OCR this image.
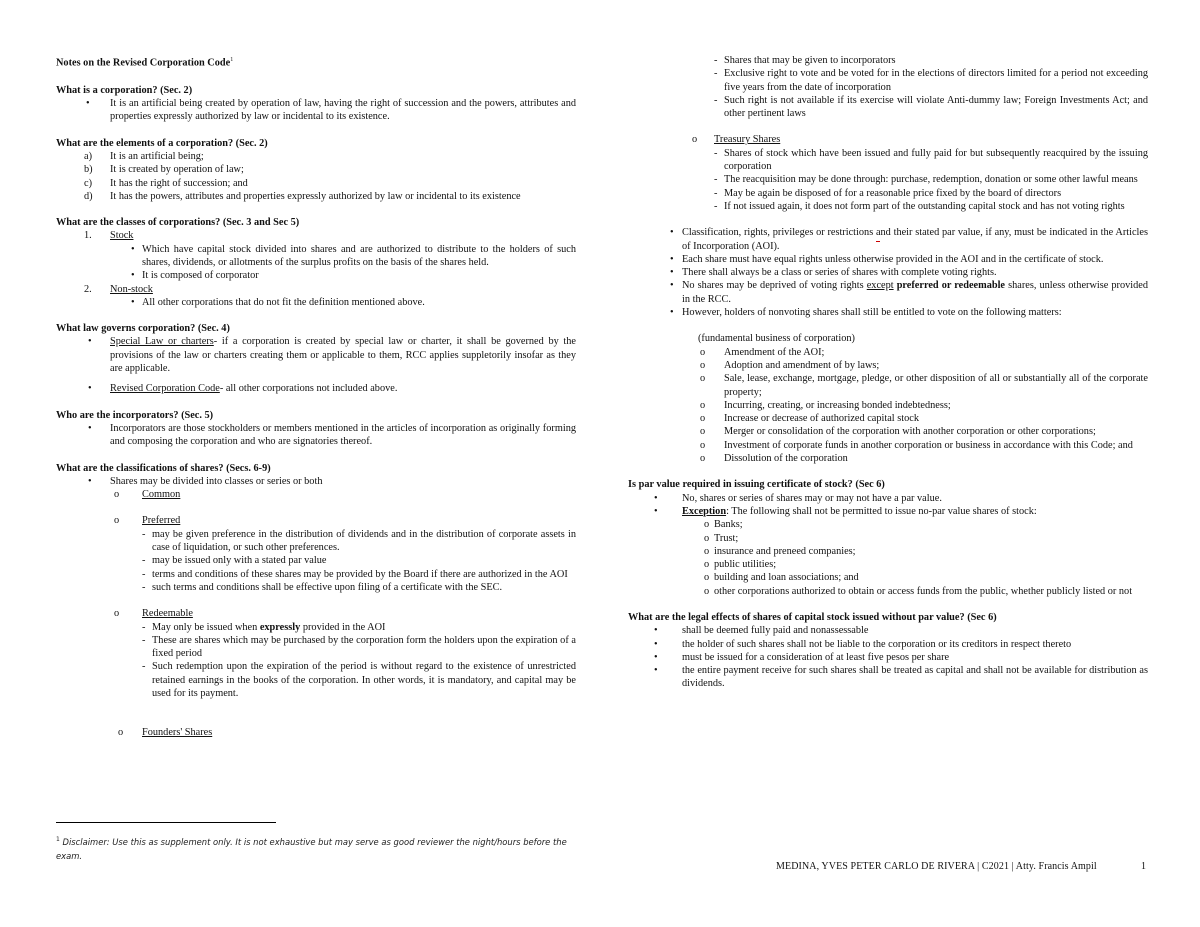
Notes on the Revised Corporation Code$^1$

What is a corporation? (Sec. 2)

• It is an artificial being created by operation of law, having the right of succession and the powers, attributes and properties expressly authorized by law or incidental to its existence.

What are the elements of a corporation? (Sec. 2)

a) It is an artificial being;
b) It is created by operation of law;
c) It has the right of succession; and
d) It has the powers, attributes and properties expressly authorized by law or incidental to its existence

What are the classes of corporations? (Sec. 3 and Sec 5)

1. Stock
• Which have capital stock divided into shares and are authorized to distribute to the holders of such shares, dividends, or allotments of the surplus profits on the basis of the shares held.
• It is composed of corporator
2. Non-stock
• All other corporations that do not fit the definition mentioned above.

What law governs corporation? (Sec. 4)

• Special Law or charters- if a corporation is created by special law or charter, it shall be governed by the provisions of the law or charters creating them or applicable to them, RCC applies suppletorily insofar as they are applicable.
• Revised Corporation Code- all other corporations not included above.

Who are the incorporators? (Sec. 5)

• Incorporators are those stockholders or members mentioned in the articles of incorporation as originally forming and composing the corporation and who are signatories thereof.

What are the classifications of shares? (Secs. 6-9)

• Shares may be divided into classes or series or both
o Common
o Preferred
- may be given preference in the distribution of dividends and in the distribution of corporate assets in case of liquidation, or such other preferences.
- may be issued only with a stated par value
- terms and conditions of these shares may be provided by the Board if there are authorized in the AOI
- such terms and conditions shall be effective upon filing of a certificate with the SEC.
o Redeemable
- May only be issued when expressly provided in the AOI
- These are shares which may be purchased by the corporation form the holders upon the expiration of a fixed period
- Such redemption upon the expiration of the period is without regard to the existence of unrestricted retained earnings in the books of the corporation. In other words, it is mandatory, and capital may be used for its payment.
o Founders' Shares
- Shares that may be given to incorporators
- Exclusive right to vote and be voted for in the elections of directors limited for a period not exceeding five years from the date of incorporation
- Such right is not available if its exercise will violate Anti-dummy law; Foreign Investments Act; and other pertinent laws
o Treasury Shares
- Shares of stock which have been issued and fully paid for but subsequently reacquired by the issuing corporation
- The reacquisition may be done through: purchase, redemption, donation or some other lawful means
- May be again be disposed of for a reasonable price fixed by the board of directors
- If not issued again, it does not form part of the outstanding capital stock and has not voting rights
• Classification, rights, privileges or restrictions and their stated par value, if any, must be indicated in the Articles of Incorporation (AOI).
• Each share must have equal rights unless otherwise provided in the AOI and in the certificate of stock.
• There shall always be a class or series of shares with complete voting rights.
• No shares may be deprived of voting rights except preferred or redeemable shares, unless otherwise provided in the RCC.
• However, holders of nonvoting shares shall still be entitled to vote on the following matters:
(fundamental business of corporation)
o Amendment of the AOI;
o Adoption and amendment of by laws;
o Sale, lease, exchange, mortgage, pledge, or other disposition of all or substantially all of the corporate property;
o Incurring, creating, or increasing bonded indebtedness;
o Increase or decrease of authorized capital stock
o Merger or consolidation of the corporation with another corporation or other corporations;
o Investment of corporate funds in another corporation or business in accordance with this Code; and
o Dissolution of the corporation

Is par value required in issuing certificate of stock? (Sec 6)

• No, shares or series of shares may or may not have a par value.
• Exception: The following shall not be permitted to issue no-par value shares of stock:
o Banks;
o Trust;
o insurance and preneed companies;
o public utilities;
o building and loan associations; and
o other corporations authorized to obtain or access funds from the public, whether publicly listed or not

What are the legal effects of shares of capital stock issued without par value? (Sec 6)

• shall be deemed fully paid and nonassessable
• the holder of such shares shall not be liable to the corporation or its creditors in respect thereto
• must be issued for a consideration of at least five pesos per share
• the entire payment receive for such shares shall be treated as capital and shall not be available for distribution as dividends.
$^1$ Disclaimer: Use this as supplement only. It is not exhaustive but may serve as good reviewer the night/hours before the exam.
MEDINA, YVES PETER CARLO DE RIVERA | C2021 | Atty. Francis Ampil	1
